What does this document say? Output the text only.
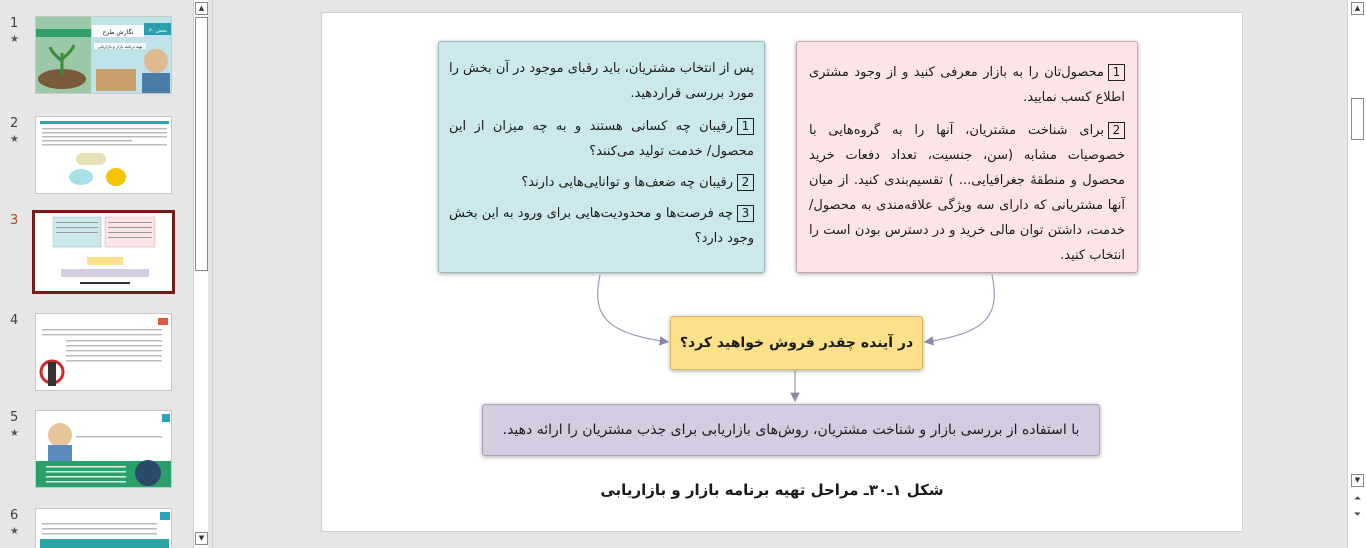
1
★
نگارش طرح	بخش ۳۰
تهیه برنامه بازار و بازاریابی
2
★
3
4
5
★
6
★
▲
▼

1محصول‌تان را به بازار معرفی کنید و از وجود مشتری اطلاع کسب نمایید.

2برای شناخت مشتریان، آنها را به گروه‌هایی با خصوصیات مشابه (سن، جنسیت، تعداد دفعات خرید محصول و منطقهٔ جغرافیایی... ) تقسیم‌بندی کنید. از میان آنها مشتریانی که دارای سه ویژگی علاقه‌مندی به محصول/ خدمت، داشتن توان مالی خرید و در دسترس بودن است را انتخاب کنید.

پس از انتخاب مشتریان، باید رقبای موجود در آن بخش را مورد بررسی قراردهید.

1رقیبان چه کسانی هستند و به چه میزان از این محصول/ خدمت تولید می‌کنند؟

2رقیبان چه ضعف‌ها و توانایی‌هایی دارند؟

3چه فرصت‌ها و محدودیت‌هایی برای ورود به این بخش وجود دارد؟

در آینده چقدر فروش خواهید کرد؟
با استفاده از بررسی بازار و شناخت مشتریان، روش‌های بازاریابی برای جذب مشتریان را ارائه دهید.
شکل ۱ـ۳۰ـ مراحل تهیه برنامه بازار و بازاریابی
▲
▼
⏶
⏷
